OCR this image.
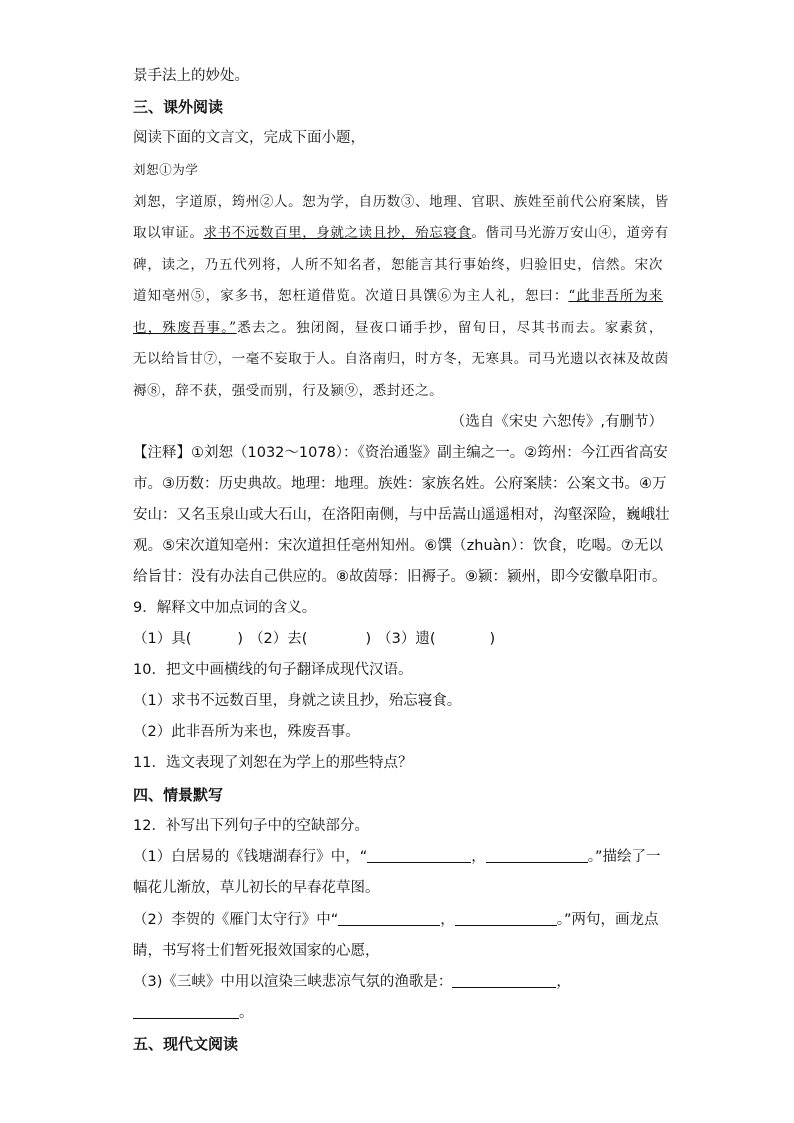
景手法上的妙处。
三、课外阅读
阅读下面的文言文，完成下面小题，
刘恕①为学
刘恕，字道原，筠州②人。恕为学，自历数③、地理、官职、族姓至前代公府案牍，皆
取以审证。求书不远数百里，身就之读且抄，殆忘寝食。偕司马光游万安山④，道旁有
碑，读之，乃五代列将，人所不知名者，恕能言其行事始终，归验旧史，信然。宋次
道知亳州⑤，家多书，恕枉道借览。次道日具馔⑥为主人礼，恕曰：“此非吾所为来
也，殊废吾事。”悉去之。独闭阁，昼夜口诵手抄，留旬日，尽其书而去。家素贫，
无以给旨甘⑦，一毫不妄取于人。自洛南归，时方冬，无寒具。司马光遗以衣袜及故茵
褥⑧，辞不获，强受而别，行及颍⑨，悉封还之。
（选自《宋史 六恕传》,有删节）
【注释】①刘恕（1032～1078）：《资治通鉴》副主编之一。②筠州：今江西省高安
市。③历数：历史典故。地理：地理。族姓：家族名姓。公府案牍：公案文书。④万
安山：又名玉泉山或大石山，在洛阳南侧，与中岳嵩山遥遥相对，沟壑深险，巍峨壮
观。⑤宋次道知亳州：宋次道担任亳州知州。⑥馔（zhuàn）：饮食，吃喝。⑦无以
给旨甘：没有办法自己供应的。⑧故茵辱：旧褥子。⑨颍：颍州，即今安徽阜阳市。
9．解释文中加点词的含义。
（1）具(	) （2）去(	) （3）遗(	)
10．把文中画横线的句子翻译成现代汉语。
（1）求书不远数百里，身就之读且抄，殆忘寝食。
（2）此非吾所为来也，殊废吾事。
11．选文表现了刘恕在为学上的那些特点？
四、情景默写
12．补写出下列句子中的空缺部分。
（1）白居易的《钱塘湖春行》中，“	，	。”描绘了一
幅花儿渐放，草儿初长的早春花草图。
（2）李贺的《雁门太守行》中“	，	。”两句，画龙点
睛，书写将士们暂死报效国家的心愿，
（3)《三峡》中用以渲染三峡悲凉气氛的渔歌是：	，
。
五、现代文阅读
